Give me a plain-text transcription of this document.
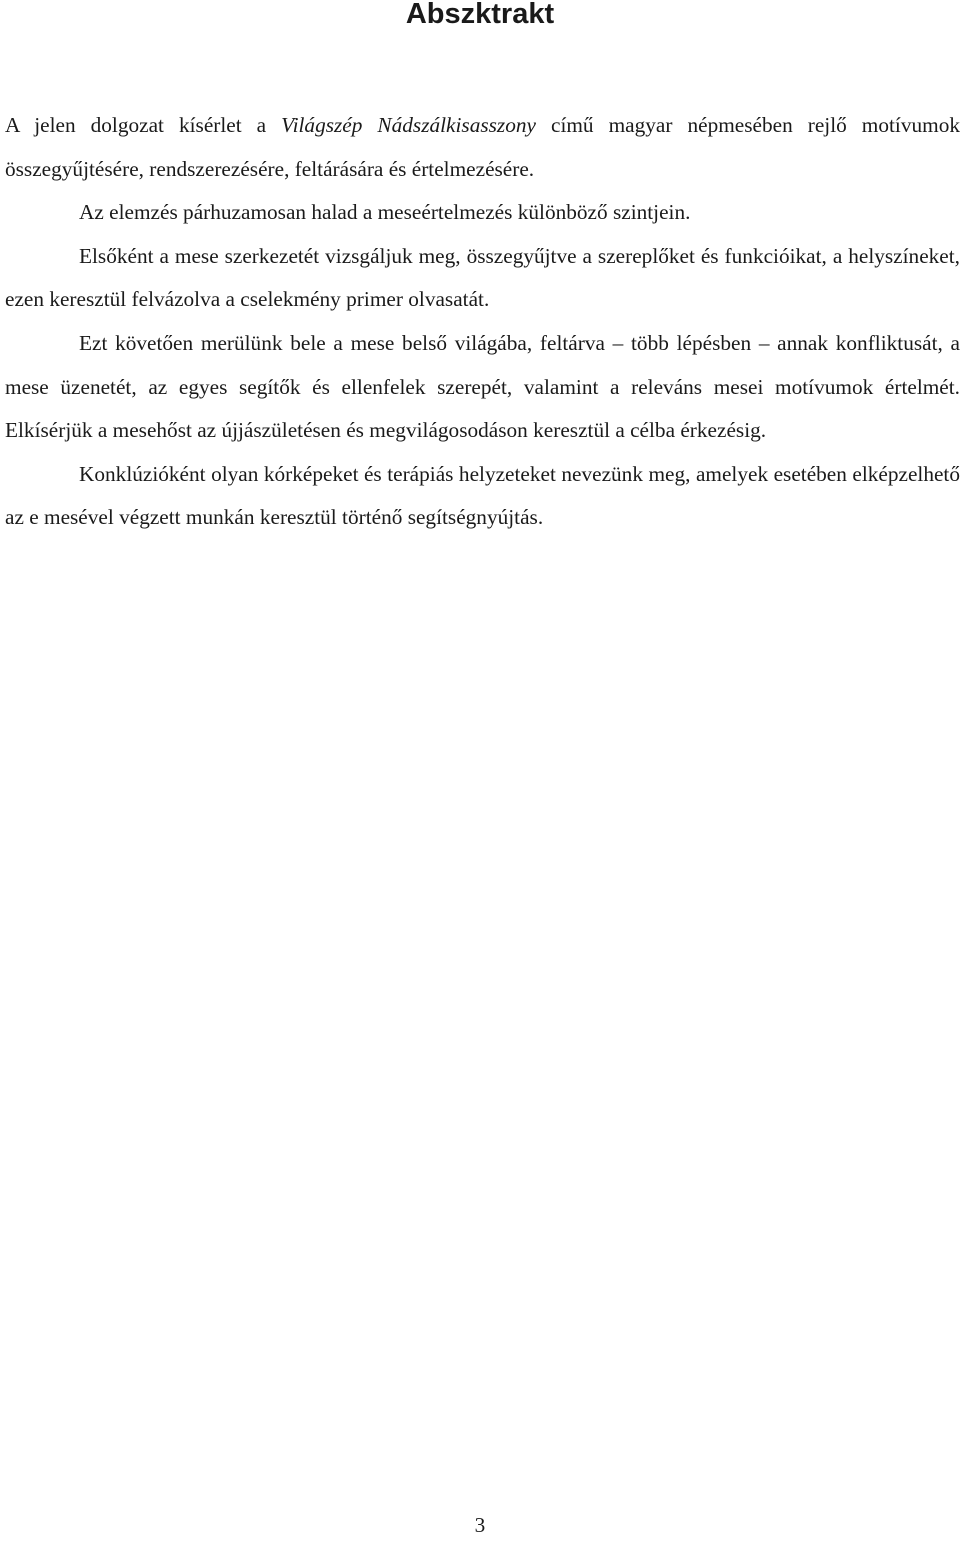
Abszktrakt

A jelen dolgozat kísérlet a Világszép Nádszálkisasszony című magyar népmesében rejlő motívumok összegyűjtésére, rendszerezésére, feltárására és értelmezésére.

Az elemzés párhuzamosan halad a meseértelmezés különböző szintjein.

Elsőként a mese szerkezetét vizsgáljuk meg, összegyűjtve a szereplőket és funkcióikat, a helyszíneket, ezen keresztül felvázolva a cselekmény primer olvasatát.

Ezt követően merülünk bele a mese belső világába, feltárva – több lépésben – annak konfliktusát, a mese üzenetét, az egyes segítők és ellenfelek szerepét, valamint a releváns mesei motívumok értelmét. Elkísérjük a mesehőst az újjászületésen és megvilágosodáson keresztül a célba érkezésig.

Konklúzióként olyan kórképeket és terápiás helyzeteket nevezünk meg, amelyek esetében elképzelhető az e mesével végzett munkán keresztül történő segítségnyújtás.

3
